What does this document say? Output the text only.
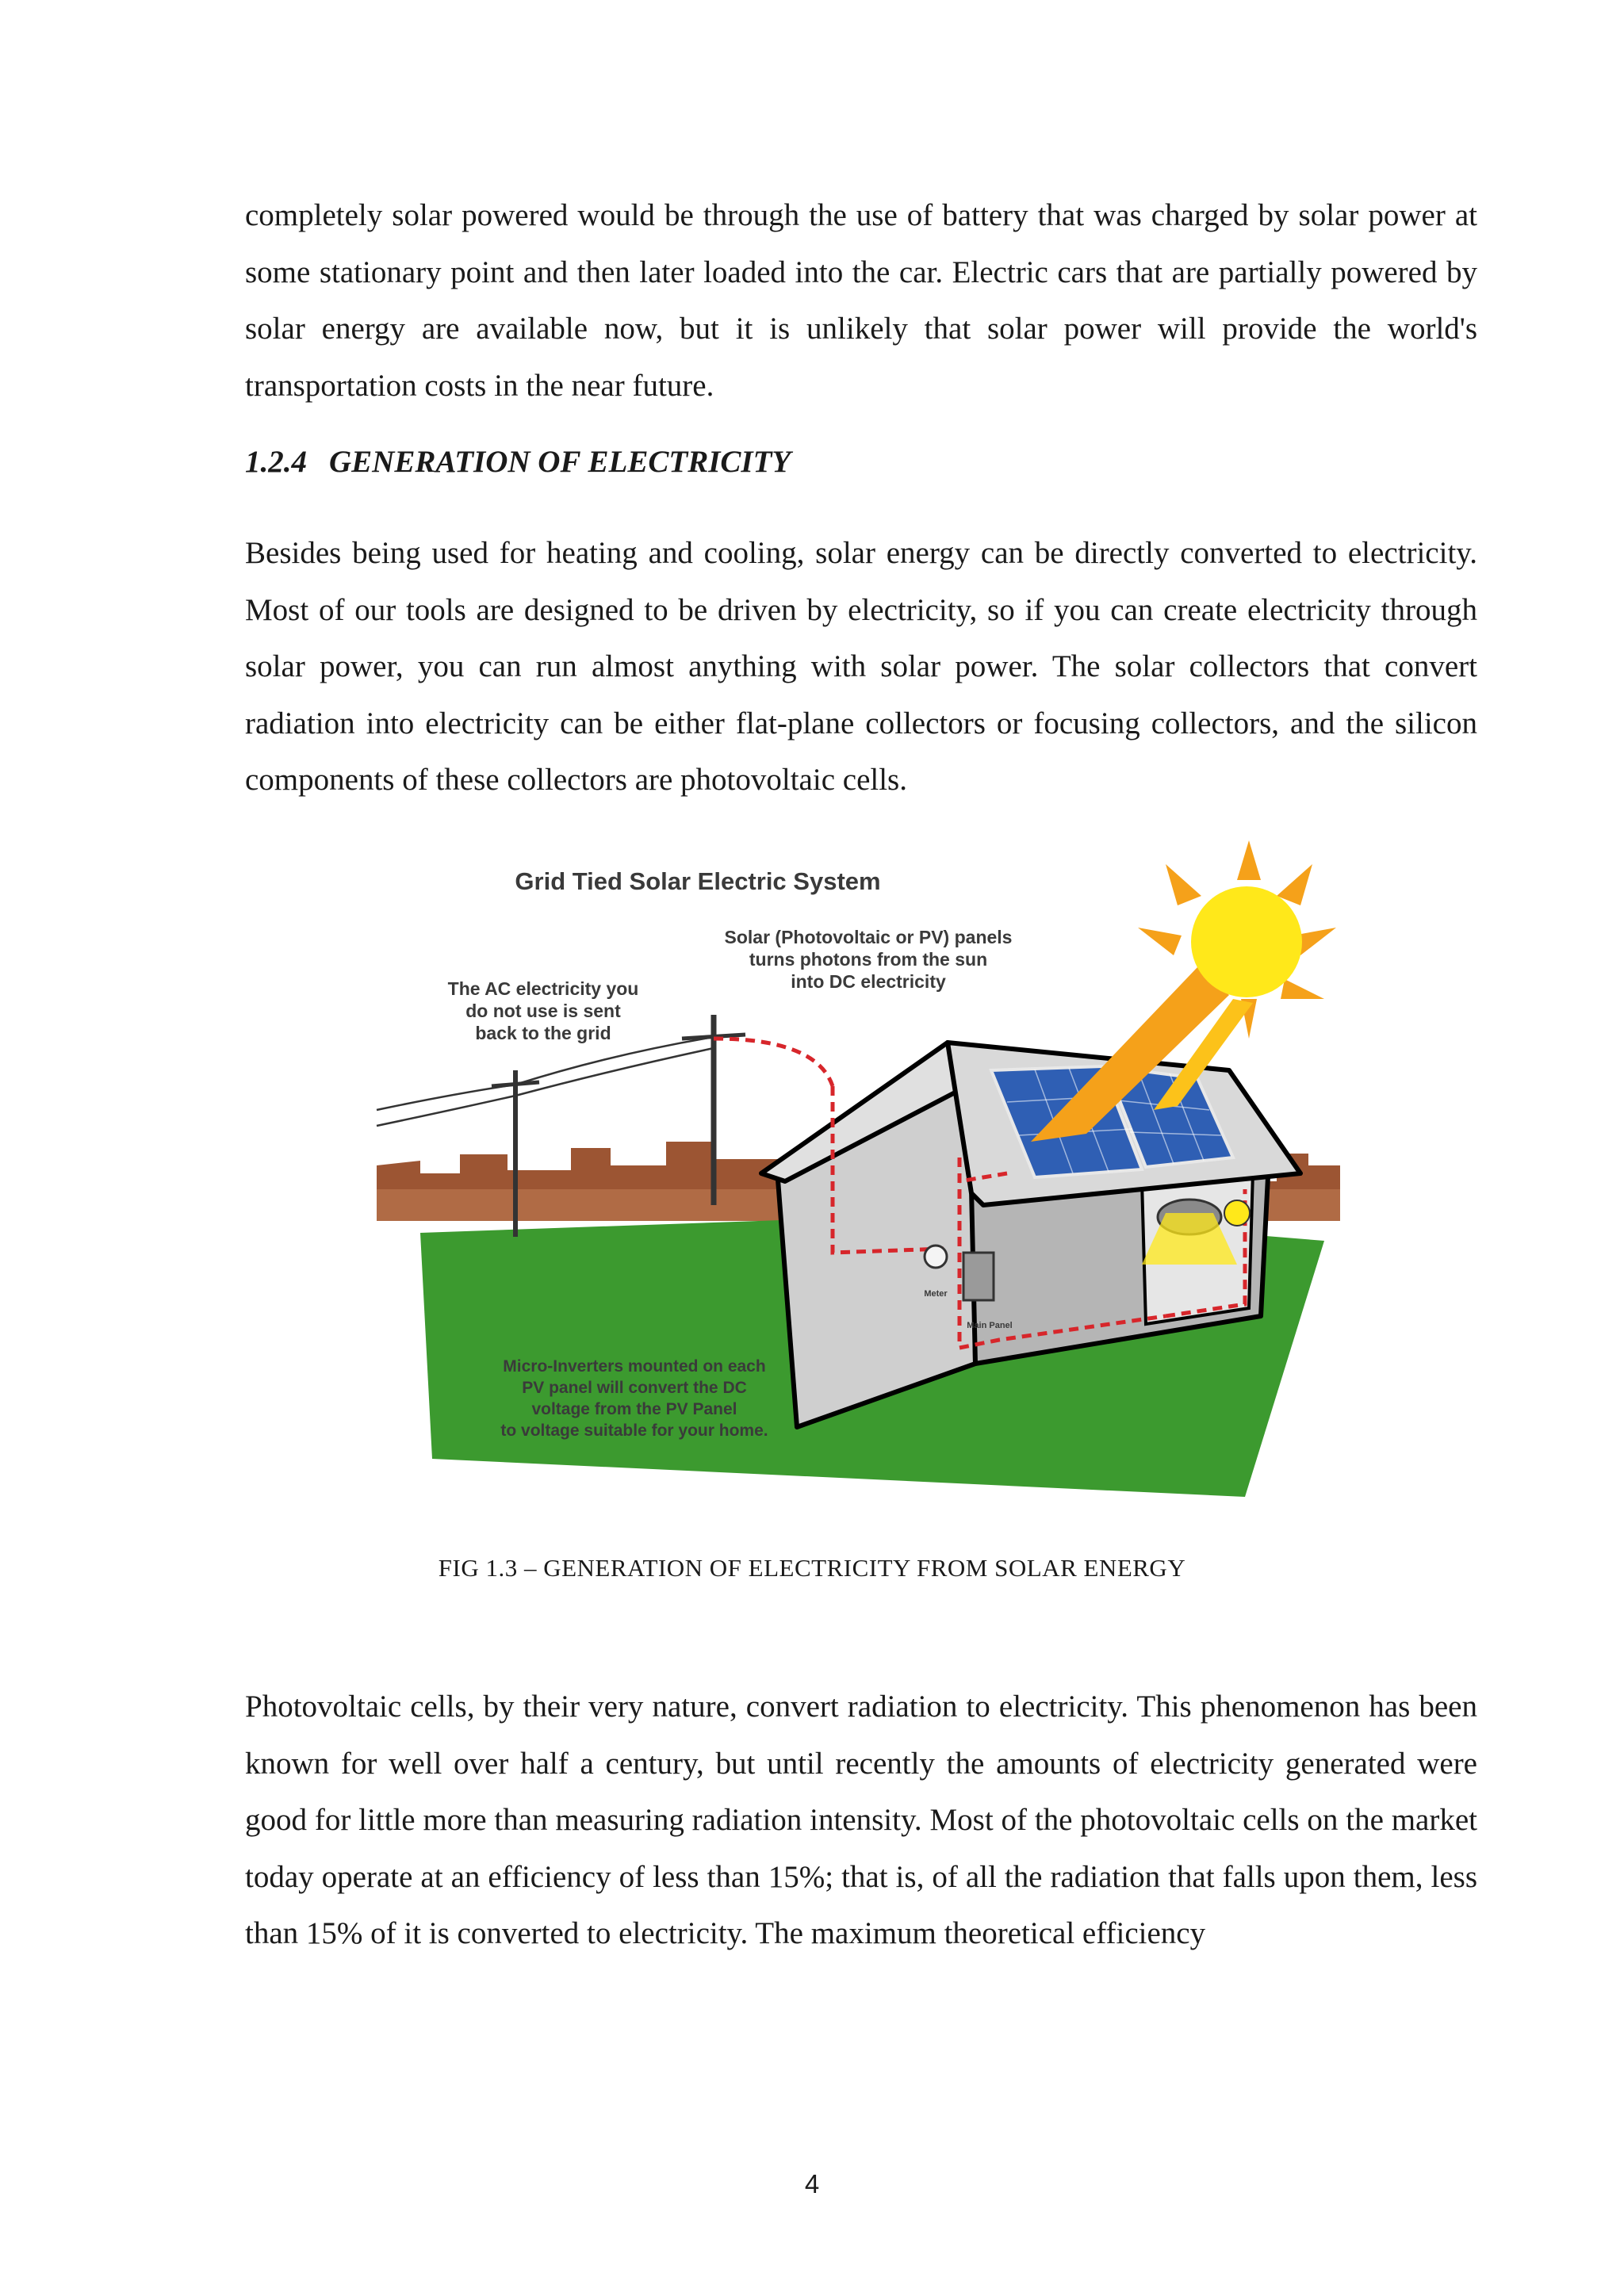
completely solar powered would be through the use of battery that was charged by solar power at some stationary point and then later loaded into the car. Electric cars that are partially powered by solar energy are available now, but it is unlikely that solar power will provide the world's transportation costs in the near future.

1.2.4 GENERATION OF ELECTRICITY

Besides being used for heating and cooling, solar energy can be directly converted to electricity. Most of our tools are designed to be driven by electricity, so if you can create electricity through solar power, you can run almost anything with solar power. The solar collectors that convert radiation into electricity can be either flat-plane collectors or focusing collectors, and the silicon components of these collectors are photovoltaic cells.

Grid Tied Solar Electric System
Solar (Photovoltaic or PV) panels
turns photons from the sun
into DC electricity
The AC electricity you
do not use is sent
back to the grid
Meter
Main Panel
Micro-Inverters mounted on each
PV panel will convert the DC
voltage from the PV Panel
to voltage suitable for your home.

FIG 1.3 – GENERATION OF ELECTRICITY FROM SOLAR ENERGY

Photovoltaic cells, by their very nature, convert radiation to electricity. This phenomenon has been known for well over half a century, but until recently the amounts of electricity generated were good for little more than measuring radiation intensity. Most of the photovoltaic cells on the market today operate at an efficiency of less than 15%; that is, of all the radiation that falls upon them, less than 15% of it is converted to electricity. The maximum theoretical efficiency

4
